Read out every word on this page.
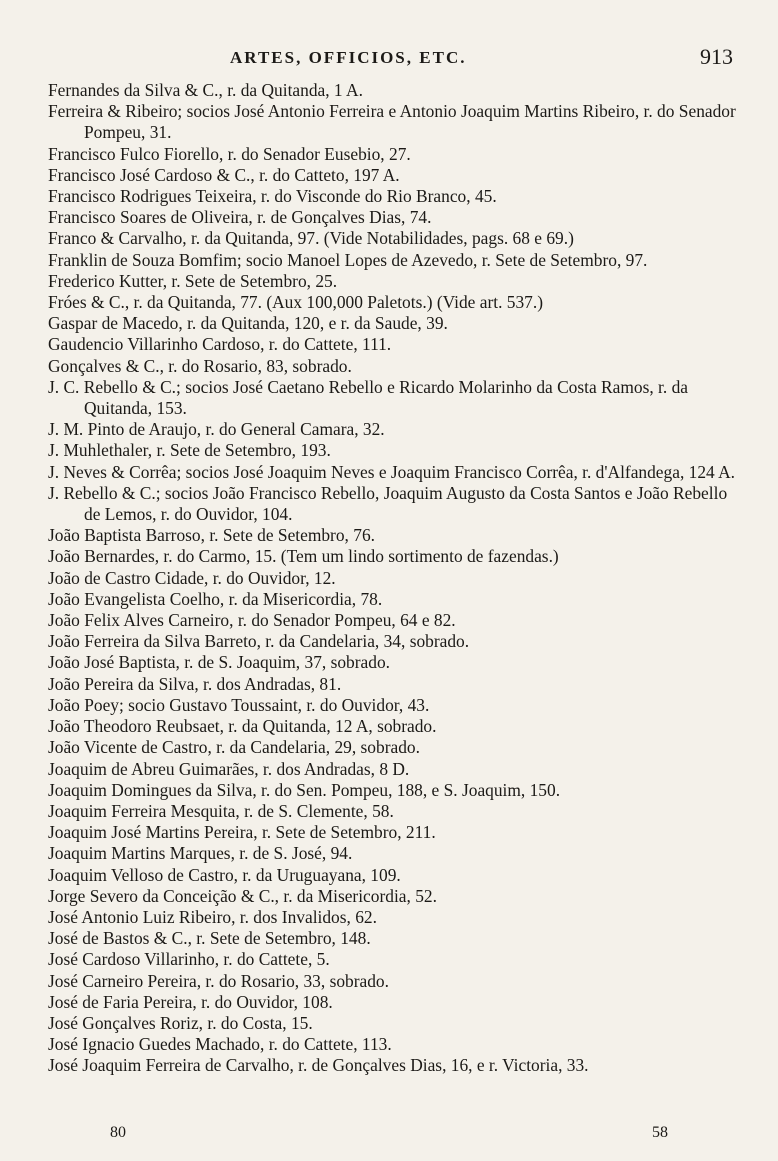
ARTES, OFFICIOS, ETC.	913
Fernandes da Silva & C., r. da Quitanda, 1 A.
Ferreira & Ribeiro; socios José Antonio Ferreira e Antonio Joaquim Martins Ribeiro, r. do Senador Pompeu, 31.
Francisco Fulco Fiorello, r. do Senador Eusebio, 27.
Francisco José Cardoso & C., r. do Catteto, 197 A.
Francisco Rodrigues Teixeira, r. do Visconde do Rio Branco, 45.
Francisco Soares de Oliveira, r. de Gonçalves Dias, 74.
Franco & Carvalho, r. da Quitanda, 97. (Vide Notabilidades, pags. 68 e 69.)
Franklin de Souza Bomfim; socio Manoel Lopes de Azevedo, r. Sete de Setembro, 97.
Frederico Kutter, r. Sete de Setembro, 25.
Fróes & C., r. da Quitanda, 77. (Aux 100,000 Paletots.) (Vide art. 537.)
Gaspar de Macedo, r. da Quitanda, 120, e r. da Saude, 39.
Gaudencio Villarinho Cardoso, r. do Cattete, 111.
Gonçalves & C., r. do Rosario, 83, sobrado.
J. C. Rebello & C.; socios José Caetano Rebello e Ricardo Molarinho da Costa Ramos, r. da Quitanda, 153.
J. M. Pinto de Araujo, r. do General Camara, 32.
J. Muhlethaler, r. Sete de Setembro, 193.
J. Neves & Corrêa; socios José Joaquim Neves e Joaquim Francisco Corrêa, r. d'Alfandega, 124 A.
J. Rebello & C.; socios João Francisco Rebello, Joaquim Augusto da Costa Santos e João Rebello de Lemos, r. do Ouvidor, 104.
João Baptista Barroso, r. Sete de Setembro, 76.
João Bernardes, r. do Carmo, 15. (Tem um lindo sortimento de fazendas.)
João de Castro Cidade, r. do Ouvidor, 12.
João Evangelista Coelho, r. da Misericordia, 78.
João Felix Alves Carneiro, r. do Senador Pompeu, 64 e 82.
João Ferreira da Silva Barreto, r. da Candelaria, 34, sobrado.
João José Baptista, r. de S. Joaquim, 37, sobrado.
João Pereira da Silva, r. dos Andradas, 81.
João Poey; socio Gustavo Toussaint, r. do Ouvidor, 43.
João Theodoro Reubsaet, r. da Quitanda, 12 A, sobrado.
João Vicente de Castro, r. da Candelaria, 29, sobrado.
Joaquim de Abreu Guimarães, r. dos Andradas, 8 D.
Joaquim Domingues da Silva, r. do Sen. Pompeu, 188, e S. Joaquim, 150.
Joaquim Ferreira Mesquita, r. de S. Clemente, 58.
Joaquim José Martins Pereira, r. Sete de Setembro, 211.
Joaquim Martins Marques, r. de S. José, 94.
Joaquim Velloso de Castro, r. da Uruguayana, 109.
Jorge Severo da Conceição & C., r. da Misericordia, 52.
José Antonio Luiz Ribeiro, r. dos Invalidos, 62.
José de Bastos & C., r. Sete de Setembro, 148.
José Cardoso Villarinho, r. do Cattete, 5.
José Carneiro Pereira, r. do Rosario, 33, sobrado.
José de Faria Pereira, r. do Ouvidor, 108.
José Gonçalves Roriz, r. do Costa, 15.
José Ignacio Guedes Machado, r. do Cattete, 113.
José Joaquim Ferreira de Carvalho, r. de Gonçalves Dias, 16, e r. Victoria, 33.
80	58
